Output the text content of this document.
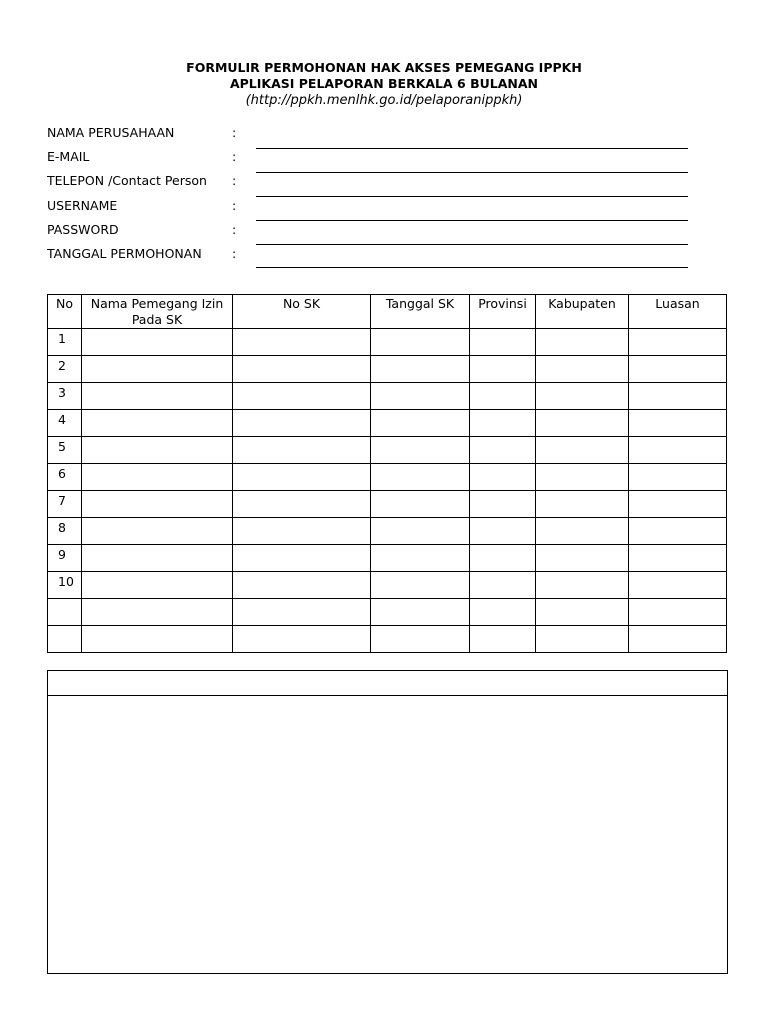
FORMULIR PERMOHONAN HAK AKSES PEMEGANG IPPKH
APLIKASI PELAPORAN BERKALA 6 BULANAN
(http://ppkh.menlhk.go.id/pelaporanippkh)
NAMA PERUSAHAAN	:
E-MAIL	:
TELEPON /Contact Person :
USERNAME	:
PASSWORD	:
TANGGAL PERMOHONAN :
No	Nama Pemegang Izin Pada SK	No SK	Tanggal SK	Provinsi	Kabupaten	Luasan
1						
2						
3						
4						
5						
6						
7						
8						
9						
10						
